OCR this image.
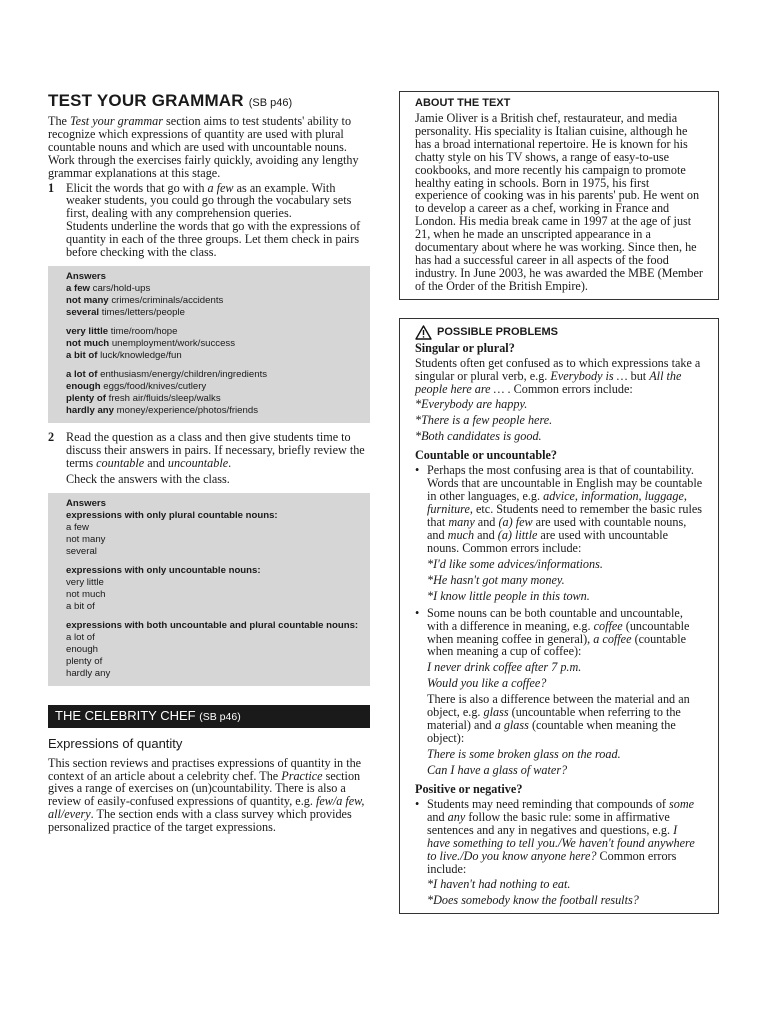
TEST YOUR GRAMMAR (SB p46)

The Test your grammar section aims to test students' ability to recognize which expressions of quantity are used with plural countable nouns and which are used with uncountable nouns. Work through the exercises fairly quickly, avoiding any lengthy grammar explanations at this stage.

1 Elicit the words that go with a few as an example. With weaker students, you could go through the vocabulary sets first, dealing with any comprehension queries.

Students underline the words that go with the expressions of quantity in each of the three groups. Let them check in pairs before checking with the class.

Answers
a few cars/hold-ups
not many crimes/criminals/accidents
several times/letters/people
very little time/room/hope
not much unemployment/work/success
a bit of luck/knowledge/fun
a lot of enthusiasm/energy/children/ingredients
enough eggs/food/knives/cutlery
plenty of fresh air/fluids/sleep/walks
hardly any money/experience/photos/friends

2 Read the question as a class and then give students time to discuss their answers in pairs. If necessary, briefly review the terms countable and uncountable.

Check the answers with the class.

Answers
expressions with only plural countable nouns:
a few
not many
several
expressions with only uncountable nouns:
very little
not much
a bit of
expressions with both uncountable and plural countable nouns:
a lot of
enough
plenty of
hardly any
THE CELEBRITY CHEF (SB p46)
Expressions of quantity

This section reviews and practises expressions of quantity in the context of an article about a celebrity chef. The Practice section gives a range of exercises on (un)countability. There is also a review of easily-confused expressions of quantity, e.g. few/a few, all/every. The section ends with a class survey which provides personalized practice of the target expressions.

ABOUT THE TEXT

Jamie Oliver is a British chef, restaurateur, and media personality. His speciality is Italian cuisine, although he has a broad international repertoire. He is known for his chatty style on his TV shows, a range of easy-to-use cookbooks, and more recently his campaign to promote healthy eating in schools. Born in 1975, his first experience of cooking was in his parents' pub. He went on to develop a career as a chef, working in France and London. His media break came in 1997 at the age of just 21, when he made an unscripted appearance in a documentary about where he was working. Since then, he has had a successful career in all aspects of the food industry. In June 2003, he was awarded the MBE (Member of the Order of the British Empire).

POSSIBLE PROBLEMS
Singular or plural?

Students often get confused as to which expressions take a singular or plural verb, e.g. Everybody is … but All the people here are … . Common errors include:

*Everybody are happy.

*There is a few people here.

*Both candidates is good.

Countable or uncountable?
• Perhaps the most confusing area is that of countability. Words that are uncountable in English may be countable in other languages, e.g. advice, information, luggage, furniture, etc. Students need to remember the basic rules that many and (a) few are used with countable nouns, and much and (a) little are used with uncountable nouns. Common errors include:

*I'd like some advices/informations.

*He hasn't got many money.

*I know little people in this town.

• Some nouns can be both countable and uncountable, with a difference in meaning, e.g. coffee (uncountable when meaning coffee in general), a coffee (countable when meaning a cup of coffee):

I never drink coffee after 7 p.m.

Would you like a coffee?

There is also a difference between the material and an object, e.g. glass (uncountable when referring to the material) and a glass (countable when meaning the object):

There is some broken glass on the road.

Can I have a glass of water?

Positive or negative?
• Students may need reminding that compounds of some and any follow the basic rule: some in affirmative sentences and any in negatives and questions, e.g. I have something to tell you./We haven't found anywhere to live./Do you know anyone here? Common errors include:

*I haven't had nothing to eat.

*Does somebody know the football results?
